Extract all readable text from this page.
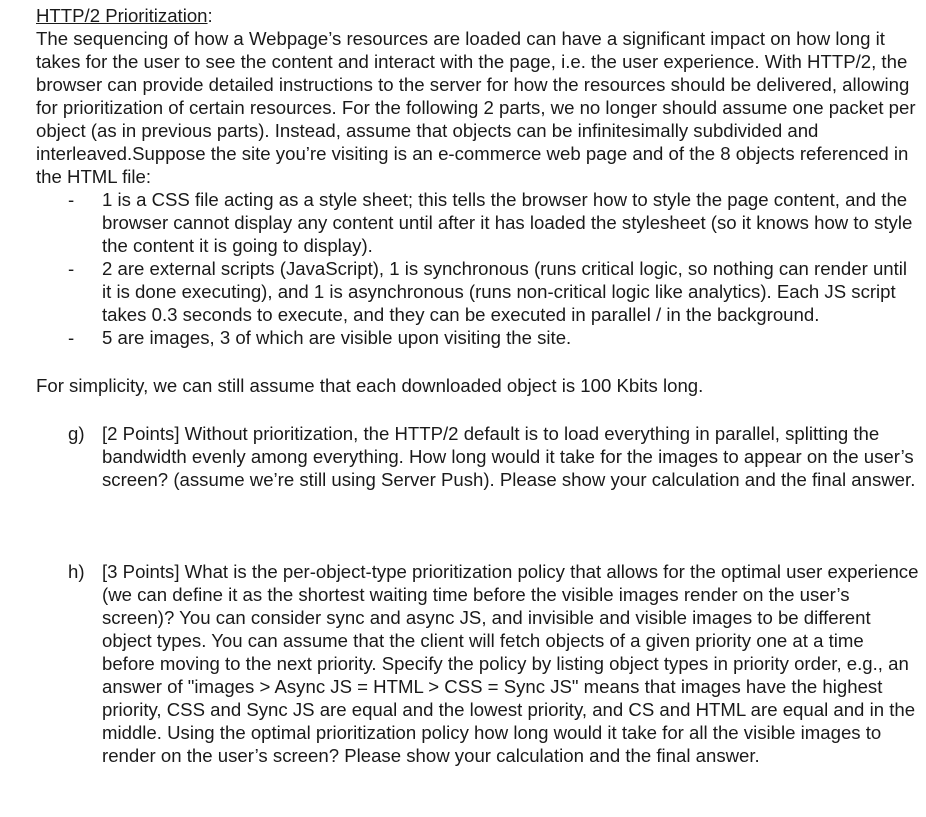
HTTP/2 Prioritization:
The sequencing of how a Webpage’s resources are loaded can have a significant impact on how long it takes for the user to see the content and interact with the page, i.e. the user experience. With HTTP/2, the browser can provide detailed instructions to the server for how the resources should be delivered, allowing for prioritization of certain resources. For the following 2 parts, we no longer should assume one packet per object (as in previous parts). Instead, assume that objects can be infinitesimally subdivided and interleaved.Suppose the site you’re visiting is an e-commerce web page and of the 8 objects referenced in the HTML file:
- 1 is a CSS file acting as a style sheet; this tells the browser how to style the page content, and the browser cannot display any content until after it has loaded the stylesheet (so it knows how to style the content it is going to display).
- 2 are external scripts (JavaScript), 1 is synchronous (runs critical logic, so nothing can render until it is done executing), and 1 is asynchronous (runs non-critical logic like analytics). Each JS script takes 0.3 seconds to execute, and they can be executed in parallel / in the background.
- 5 are images, 3 of which are visible upon visiting the site.
For simplicity, we can still assume that each downloaded object is 100 Kbits long.
g) [2 Points] Without prioritization, the HTTP/2 default is to load everything in parallel, splitting the bandwidth evenly among everything. How long would it take for the images to appear on the user’s screen? (assume we’re still using Server Push). Please show your calculation and the final answer.
h) [3 Points] What is the per-object-type prioritization policy that allows for the optimal user experience (we can define it as the shortest waiting time before the visible images render on the user’s screen)? You can consider sync and async JS, and invisible and visible images to be different object types. You can assume that the client will fetch objects of a given priority one at a time before moving to the next priority. Specify the policy by listing object types in priority order, e.g., an answer of "images > Async JS = HTML > CSS = Sync JS" means that images have the highest priority, CSS and Sync JS are equal and the lowest priority, and CS and HTML are equal and in the middle. Using the optimal prioritization policy how long would it take for all the visible images to render on the user’s screen? Please show your calculation and the final answer.
